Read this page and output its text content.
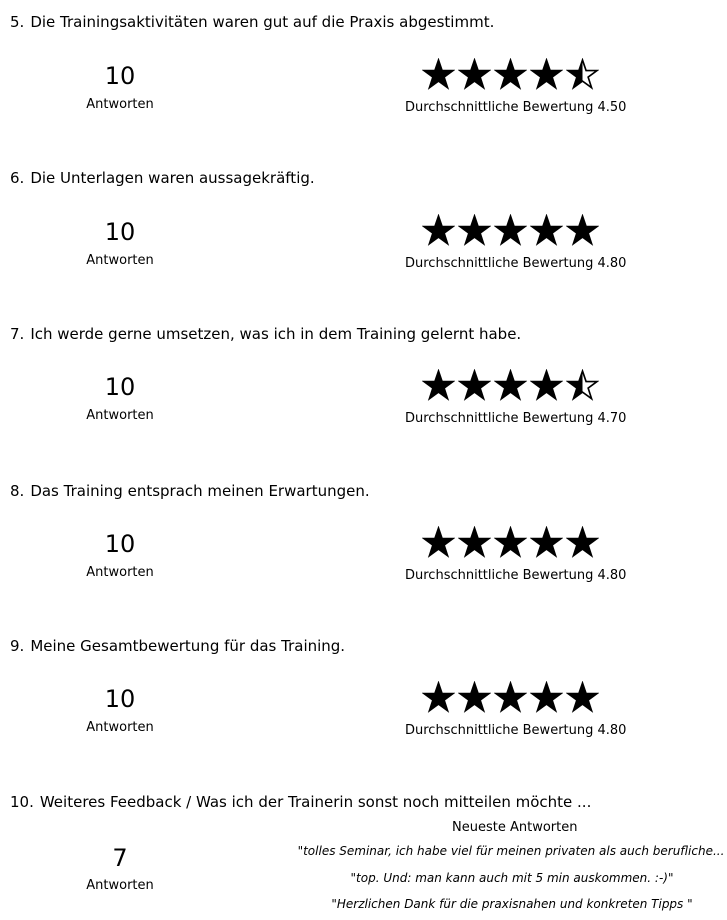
5. Die Trainingsaktivitäten waren gut auf die Praxis abgestimmt.
10
Antworten	Durchschnittliche Bewertung 4.50
6. Die Unterlagen waren aussagekräftig.
10
Antworten	Durchschnittliche Bewertung 4.80
7. Ich werde gerne umsetzen, was ich in dem Training gelernt habe.
10
Antworten	Durchschnittliche Bewertung 4.70
8. Das Training entsprach meinen Erwartungen.
10
Antworten	Durchschnittliche Bewertung 4.80
9. Meine Gesamtbewertung für das Training.
10
Antworten	Durchschnittliche Bewertung 4.80
10. Weiteres Feedback / Was ich der Trainerin sonst noch mitteilen möchte ...
7
Antworten
Neueste Antworten
"tolles Seminar, ich habe viel für meinen privaten als auch berufliche...
"top. Und: man kann auch mit 5 min auskommen. :-)"
"Herzlichen Dank für die praxisnahen und konkreten Tipps "
